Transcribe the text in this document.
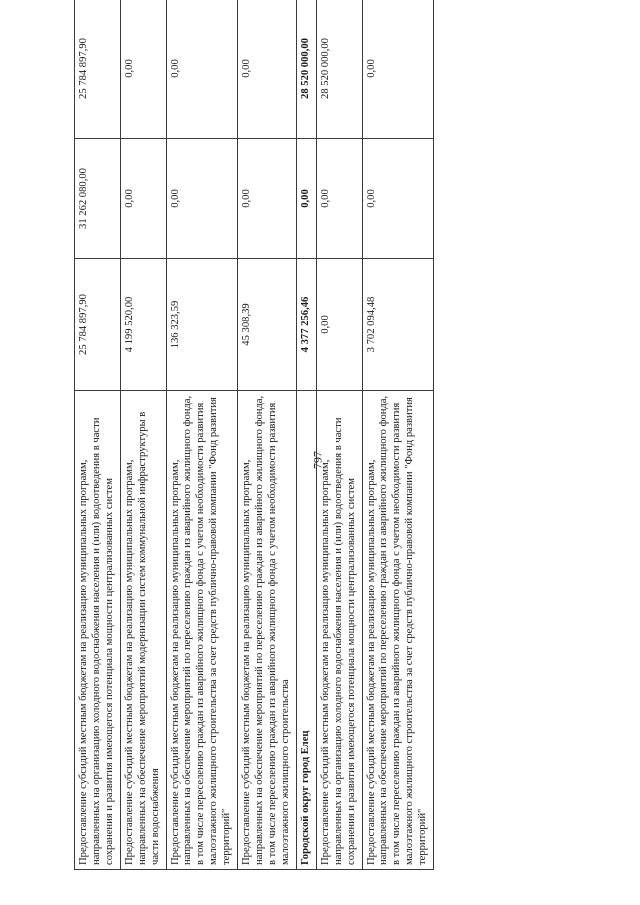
797
Предоставление субсидий местным бюджетам на реализацию муниципальных программ, направленных на организацию холодного водоснабжения населения и (или) водоотведения в части сохранения и развития имеющегося потенциала мощности централизованных систем	25 784 897,90	31 262 080,00	25 784 897,90
Предоставление субсидий местным бюджетам на реализацию муниципальных программ, направленных на обеспечение мероприятий модернизации систем коммунальной инфраструктуры в части водоснабжения	4 199 520,00	0,00	0,00
Предоставление субсидий местным бюджетам на реализацию муниципальных программ, направленных на обеспечение мероприятий по переселению граждан из аварийного жилищного фонда, в том числе переселению граждан из аварийного жилищного фонда с учетом необходимости развития малоэтажного жилищного строительства за счет средств публично-правовой компании "Фонд развития территорий"	136 323,59	0,00	0,00
Предоставление субсидий местным бюджетам на реализацию муниципальных программ, направленных на обеспечение мероприятий по переселению граждан из аварийного жилищного фонда, в том числе переселению граждан из аварийного жилищного фонда с учетом необходимости развития малоэтажного жилищного строительства	45 308,39	0,00	0,00
Городской округ город Елец	4 377 256,46	0,00	28 520 000,00
Предоставление субсидий местным бюджетам на реализацию муниципальных программ, направленных на организацию холодного водоснабжения населения и (или) водоотведения в части сохранения и развития имеющегося потенциала мощности централизованных систем	0,00	0,00	28 520 000,00
Предоставление субсидий местным бюджетам на реализацию муниципальных программ, направленных на обеспечение мероприятий по переселению граждан из аварийного жилищного фонда, в том числе переселению граждан из аварийного жилищного фонда с учетом необходимости развития малоэтажного жилищного строительства за счет средств публично-правовой компании "Фонд развития территорий"	3 702 094,48	0,00	0,00
